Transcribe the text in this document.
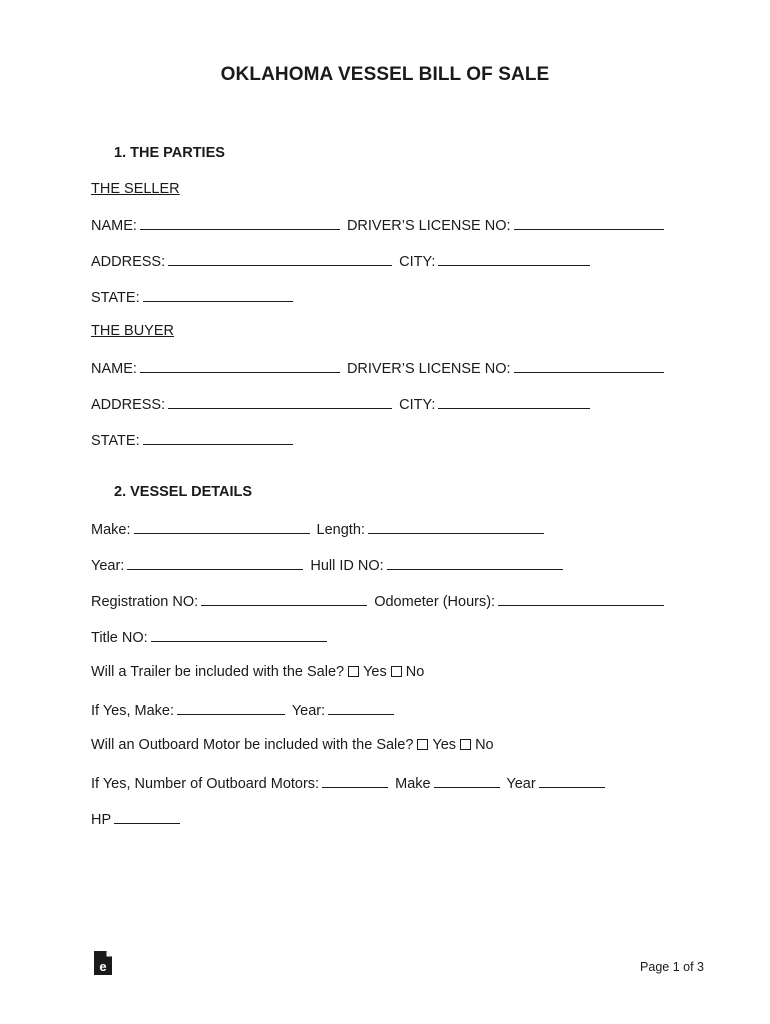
OKLAHOMA VESSEL BILL OF SALE
1. THE PARTIES
THE SELLER
NAME:	DRIVER’S LICENSE NO:
ADDRESS:	CITY:
STATE:
THE BUYER
NAME:	DRIVER’S LICENSE NO:
ADDRESS:	CITY:
STATE:
2. VESSEL DETAILS
Make:	Length:
Year:	Hull ID NO:
Registration NO:	Odometer (Hours):
Title NO:
Will a Trailer be included with the Sale? Yes No
If Yes, Make:	Year:
Will an Outboard Motor be included with the Sale? Yes No
If Yes, Number of Outboard Motors:	Make	Year
HP
e	Page 1 of 3
